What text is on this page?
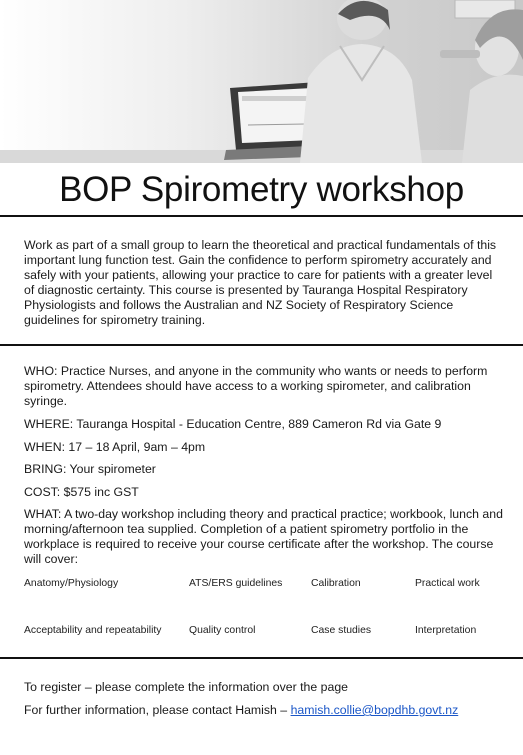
BOP Spirometry workshop

Work as part of a small group to learn the theoretical and practical fundamentals of this important lung function test. Gain the confidence to perform spirometry accurately and safely with your patients, allowing your practice to care for patients with a greater level of diagnostic certainty. This course is presented by Tauranga Hospital Respiratory Physiologists and follows the Australian and NZ Society of Respiratory Science guidelines for spirometry training.

WHO: Practice Nurses, and anyone in the community who wants or needs to perform spirometry. Attendees should have access to a working spirometer, and calibration syringe.

WHERE: Tauranga Hospital - Education Centre, 889 Cameron Rd via Gate 9

WHEN: 17 – 18 April, 9am – 4pm

BRING: Your spirometer

COST: $575 inc GST

WHAT: A two-day workshop including theory and practical practice; workbook, lunch and morning/afternoon tea supplied. Completion of a patient spirometry portfolio in the workplace is required to receive your course certificate after the workshop. The course will cover:

Anatomy/Physiology	ATS/ERS guidelines	Calibration	Practical work
Acceptability and repeatability	Quality control	Case studies	Interpretation

To register – please complete the information over the page

For further information, please contact Hamish – hamish.collie@bopdhb.govt.nz
